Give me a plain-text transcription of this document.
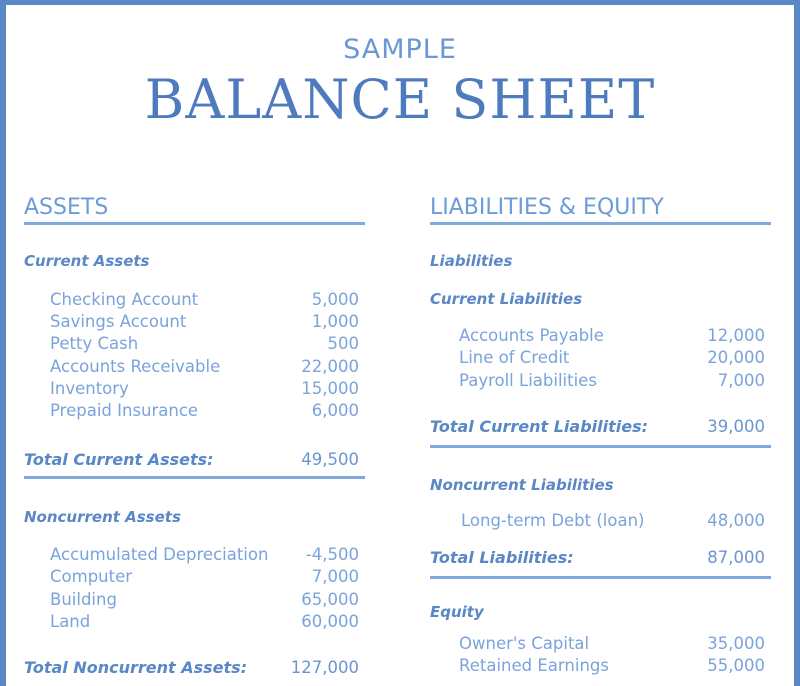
SAMPLE
BALANCE SHEET
ASSETS
Current Assets
Checking Account	5,000
Savings Account	1,000
Petty Cash	500
Accounts Receivable	22,000
Inventory	15,000
Prepaid Insurance	6,000
Total Current Assets:	49,500
Noncurrent Assets
Accumulated Depreciation -4,500
Computer	7,000
Building	65,000
Land	60,000
Total Noncurrent Assets:	127,000
LIABILITIES & EQUITY
Liabilities
Current Liabilities
Accounts Payable	12,000
Line of Credit	20,000
Payroll Liabilities	7,000
Total Current Liabilities:	39,000
Noncurrent Liabilities
Long-term Debt (loan)	48,000
Total Liabilities:	87,000
Equity
Owner's Capital	35,000
Retained Earnings	55,000
